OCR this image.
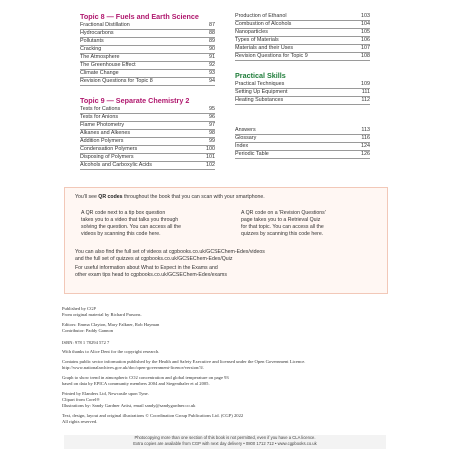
Topic 8 — Fuels and Earth Science
Fractional Distillation	87
Hydrocarbons	88
Pollutants	89
Cracking	90
The Atmosphere	91
The Greenhouse Effect	92
Climate Change	93
Revision Questions for Topic 8	94
Topic 9 — Separate Chemistry 2
Tests for Cations	95
Tests for Anions	96
Flame Photometry	97
Alkanes and Alkenes	98
Addition Polymers	99
Condensation Polymers	100
Disposing of Polymers	101
Alcohols and Carboxylic Acids	102
Production of Ethanol	103
Combustion of Alcohols	104
Nanoparticles	105
Types of Materials	106
Materials and their Uses	107
Revision Questions for Topic 9	108
Practical Skills
Practical Techniques	109
Setting Up Equipment	111
Heating Substances	112
Answers	113
Glossary	116
Index	124
Periodic Table	126
You'll see QR codes throughout the book that you can scan with your smartphone.
A QR code next to a tip box question
takes you to a video that talks you through
solving the question. You can access all the
videos by scanning this code here.
A QR code on a 'Revision Questions'
page takes you to a Retrieval Quiz
for that topic. You can access all the
quizzes by scanning this code here.
You can also find the full set of videos at cgpbooks.co.uk/GCSEChem-Edex/videos
and the full set of quizzes at cgpbooks.co.uk/GCSEChem-Edex/Quiz
For useful information about What to Expect in the Exams and
other exam tips head to cgpbooks.co.uk/GCSEChem-Edex/exams
Published by CGP
From original material by Richard Parsons.
Editors: Emma Clayton, Mary Falkner, Rob Hayman
Contributor: Paddy Gannon
ISBN: 978 1 78294 572 7
With thanks to Alice Dent for the copyright research.
Contains public sector information published by the Health and Safety Executive and licensed under the Open Government Licence.
http://www.nationalarchives.gov.uk/doc/open-government-licence/version/3/.
Graph to show trend in atmospheric CO2 concentration and global temperature on page 93
based on data by EPICA community members 2004 and Siegenthaler et al 2005.
Printed by Elanders Ltd, Newcastle upon Tyne.
Clipart from Corel®
Illustrations by: Sandy Gardner Artist, email sandy@sandygardner.co.uk
Text, design, layout and original illustrations © Coordination Group Publications Ltd. (CGP) 2022
All rights reserved.
Photocopying more than one section of this book is not permitted, even if you have a CLA licence.
Extra copies are available from CGP with next day delivery • 0800 1712 712 • www.cgpbooks.co.uk
